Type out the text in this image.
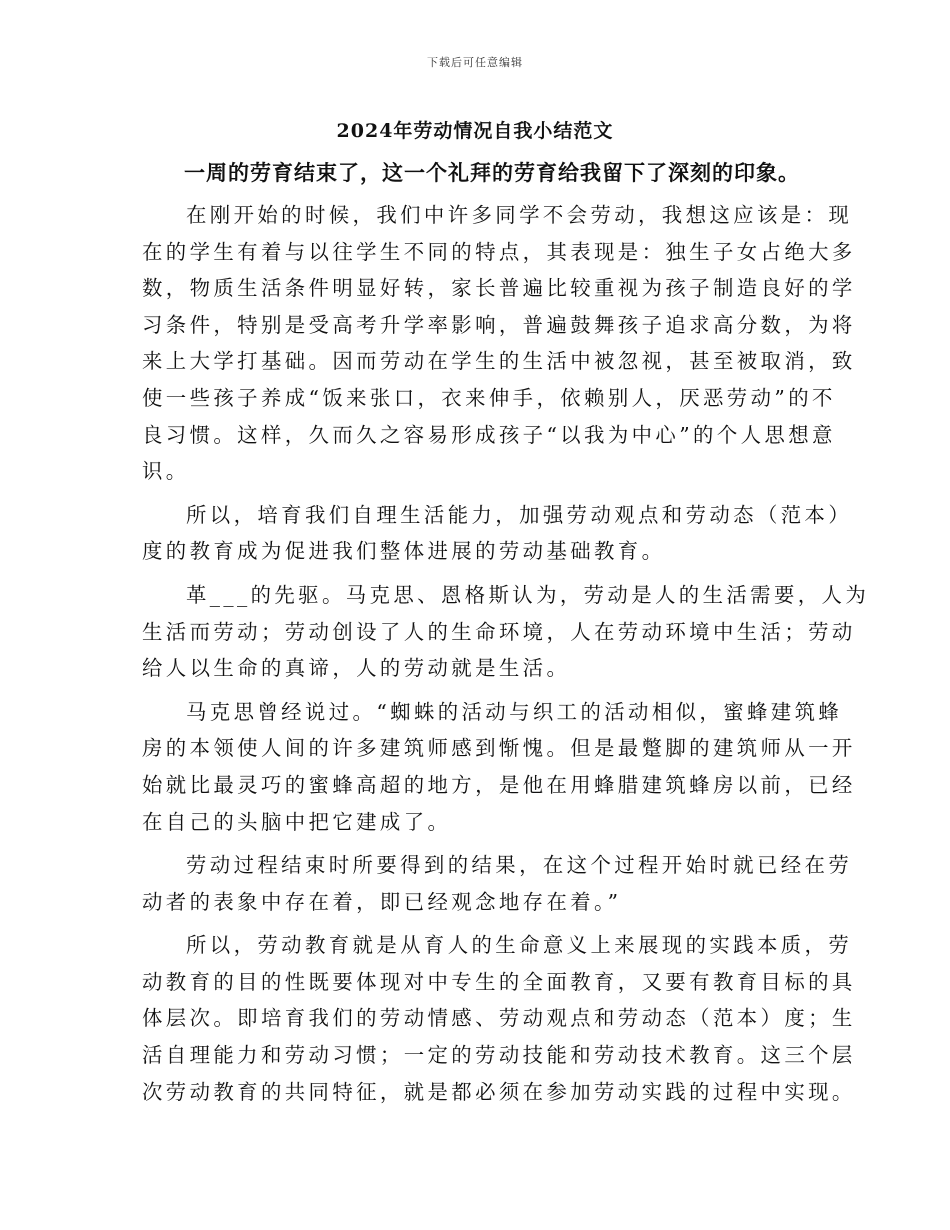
下载后可任意编辑
2024年劳动情况自我小结范文

一周的劳育结束了，这一个礼拜的劳育给我留下了深刻的印象。

在刚开始的时候，我们中许多同学不会劳动，我想这应该是：现
在的学生有着与以往学生不同的特点，其表现是：独生子女占绝大多
数，物质生活条件明显好转，家长普遍比较重视为孩子制造良好的学
习条件，特别是受高考升学率影响，普遍鼓舞孩子追求高分数，为将
来上大学打基础。因而劳动在学生的生活中被忽视，甚至被取消，致
使一些孩子养成“饭来张口，衣来伸手，依赖别人，厌恶劳动”的不
良习惯。这样，久而久之容易形成孩子“以我为中心”的个人思想意
识。

所以，培育我们自理生活能力，加强劳动观点和劳动态（范本）
度的教育成为促进我们整体进展的劳动基础教育。

革___的先驱。马克思、恩格斯认为，劳动是人的生活需要，人为
生活而劳动；劳动创设了人的生命环境，人在劳动环境中生活；劳动
给人以生命的真谛，人的劳动就是生活。

马克思曾经说过。“蜘蛛的活动与织工的活动相似，蜜蜂建筑蜂
房的本领使人间的许多建筑师感到惭愧。但是最蹩脚的建筑师从一开
始就比最灵巧的蜜蜂高超的地方，是他在用蜂腊建筑蜂房以前，已经
在自己的头脑中把它建成了。

劳动过程结束时所要得到的结果，在这个过程开始时就已经在劳
动者的表象中存在着，即已经观念地存在着。”

所以，劳动教育就是从育人的生命意义上来展现的实践本质，劳
动教育的目的性既要体现对中专生的全面教育，又要有教育目标的具
体层次。即培育我们的劳动情感、劳动观点和劳动态（范本）度；生
活自理能力和劳动习惯；一定的劳动技能和劳动技术教育。这三个层
次劳动教育的共同特征，就是都必须在参加劳动实践的过程中实现。
